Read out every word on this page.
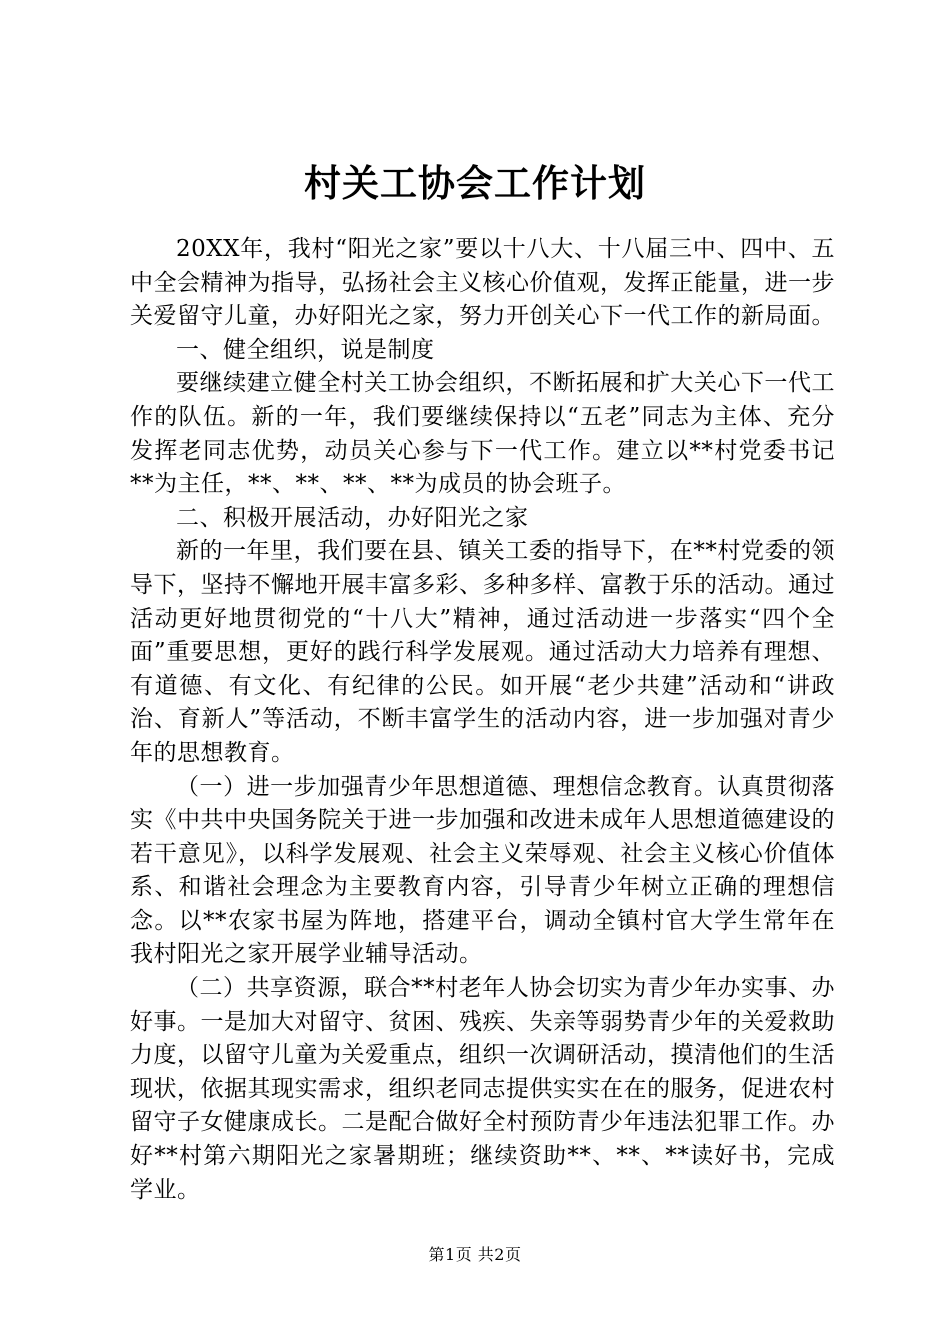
村关工协会工作计划

20XX年，我村“阳光之家”要以十八大、十八届三中、四中、五中全会精神为指导，弘扬社会主义核心价值观，发挥正能量，进一步关爱留守儿童，办好阳光之家，努力开创关心下一代工作的新局面。

一、健全组织，说是制度

要继续建立健全村关工协会组织，不断拓展和扩大关心下一代工作的队伍。新的一年，我们要继续保持以“五老”同志为主体、充分发挥老同志优势，动员关心参与下一代工作。建立以**村党委书记**为主任，**、**、**、**为成员的协会班子。

二、积极开展活动，办好阳光之家

新的一年里，我们要在县、镇关工委的指导下，在**村党委的领导下，坚持不懈地开展丰富多彩、多种多样、富教于乐的活动。通过活动更好地贯彻党的“十八大”精神，通过活动进一步落实“四个全面”重要思想，更好的践行科学发展观。通过活动大力培养有理想、有道德、有文化、有纪律的公民。如开展“老少共建”活动和“讲政治、育新人”等活动，不断丰富学生的活动内容，进一步加强对青少年的思想教育。

（一）进一步加强青少年思想道德、理想信念教育。认真贯彻落实《中共中央国务院关于进一步加强和改进未成年人思想道德建设的若干意见》，以科学发展观、社会主义荣辱观、社会主义核心价值体系、和谐社会理念为主要教育内容，引导青少年树立正确的理想信念。以**农家书屋为阵地，搭建平台，调动全镇村官大学生常年在我村阳光之家开展学业辅导活动。

（二）共享资源，联合**村老年人协会切实为青少年办实事、办好事。一是加大对留守、贫困、残疾、失亲等弱势青少年的关爱救助力度，以留守儿童为关爱重点，组织一次调研活动，摸清他们的生活现状，依据其现实需求，组织老同志提供实实在在的服务，促进农村留守子女健康成长。二是配合做好全村预防青少年违法犯罪工作。办好**村第六期阳光之家暑期班；继续资助**、**、**读好书，完成学业。

第1页 共2页
